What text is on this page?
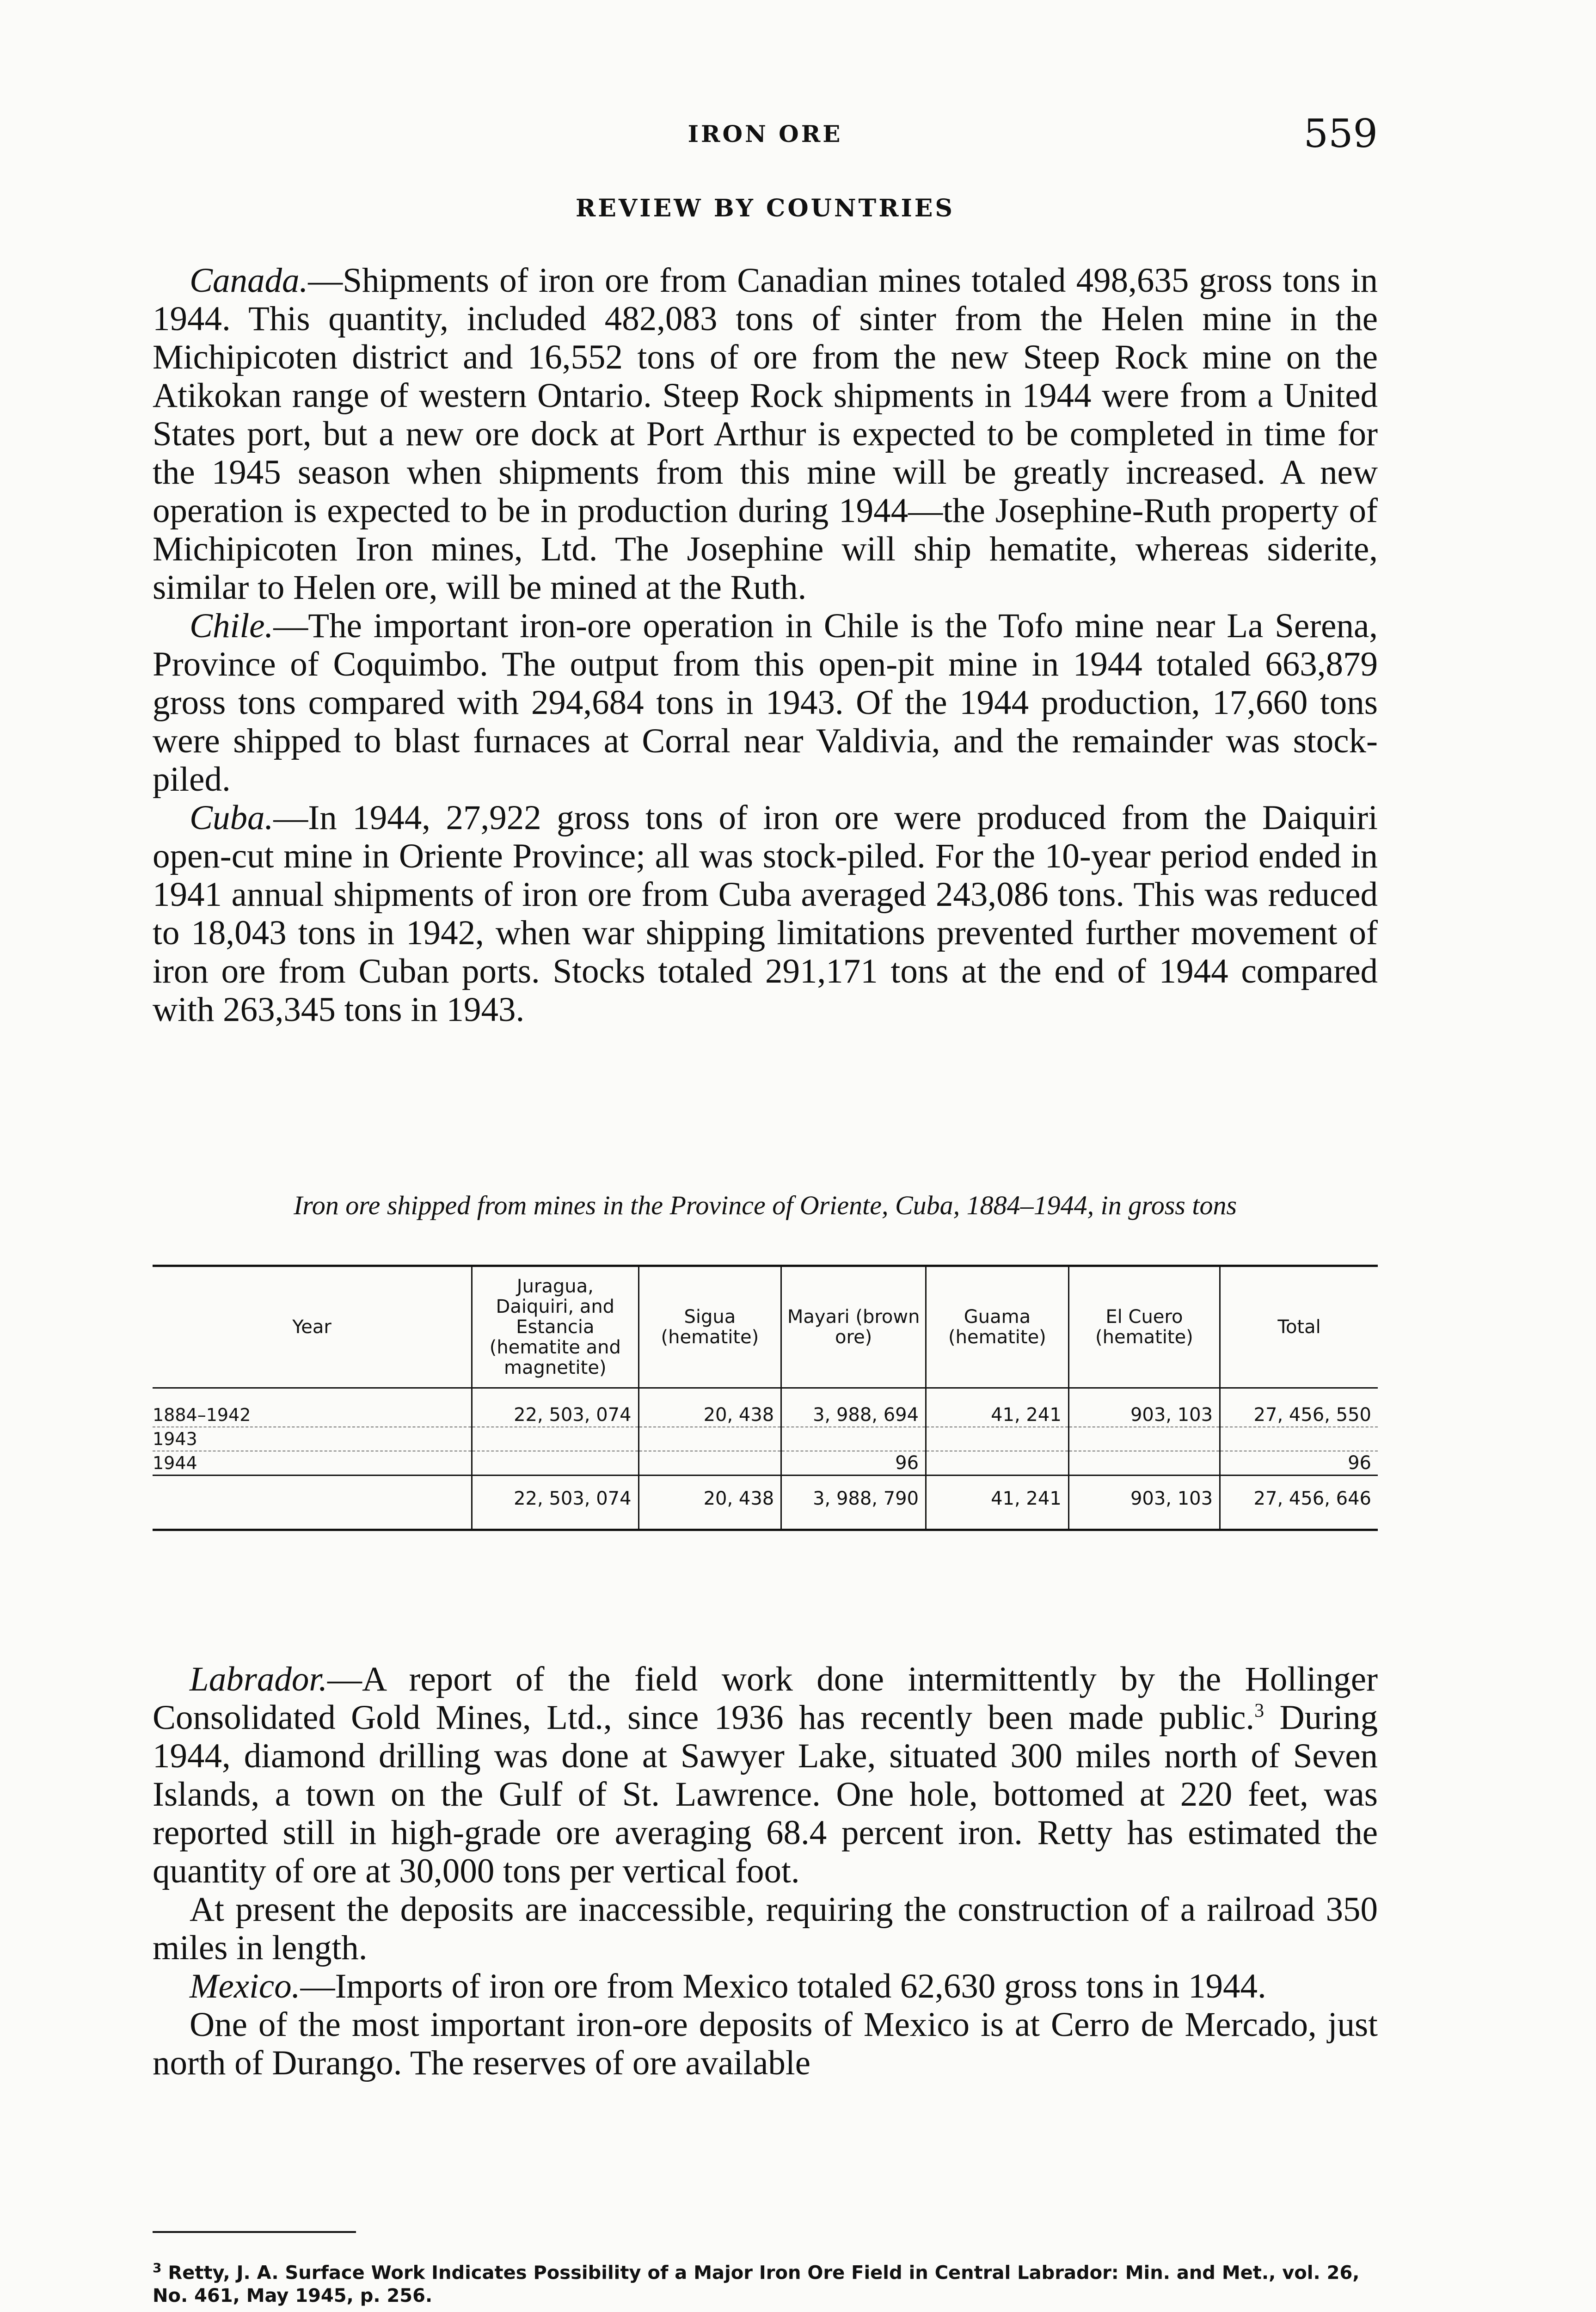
IRON ORE	559
REVIEW BY COUNTRIES

Canada.—Shipments of iron ore from Canadian mines totaled 498,635 gross tons in 1944. This quantity, included 482,083 tons of sinter from the Helen mine in the Michipicoten district and 16,552 tons of ore from the new Steep Rock mine on the Atikokan range of western Ontario. Steep Rock shipments in 1944 were from a United States port, but a new ore dock at Port Arthur is expected to be completed in time for the 1945 season when shipments from this mine will be greatly increased. A new operation is expected to be in production during 1944—the Josephine-Ruth property of Michipicoten Iron mines, Ltd. The Josephine will ship hematite, whereas siderite, similar to Helen ore, will be mined at the Ruth.

Chile.—The important iron-ore operation in Chile is the Tofo mine near La Serena, Province of Coquimbo. The output from this open-pit mine in 1944 totaled 663,879 gross tons compared with 294,684 tons in 1943. Of the 1944 production, 17,660 tons were shipped to blast furnaces at Corral near Valdivia, and the remainder was stock-piled.

Cuba.—In 1944, 27,922 gross tons of iron ore were produced from the Daiquiri open-cut mine in Oriente Province; all was stock-piled. For the 10-year period ended in 1941 annual shipments of iron ore from Cuba averaged 243,086 tons. This was reduced to 18,043 tons in 1942, when war shipping limitations prevented further movement of iron ore from Cuban ports. Stocks totaled 291,171 tons at the end of 1944 compared with 263,345 tons in 1943.

Iron ore shipped from mines in the Province of Oriente, Cuba, 1884–1944, in gross tons
Year	Juragua, Daiquiri, and Estancia (hematite and magnetite)	Sigua (hematite)	Mayari (brown ore)	Guama (hematite)	El Cuero (hematite)	Total
1884–1942	22, 503, 074	20, 438	3, 988, 694	41, 241	903, 103	27, 456, 550
1943						
1944			96			96
	22, 503, 074	20, 438	3, 988, 790	41, 241	903, 103	27, 456, 646

Labrador.—A report of the field work done intermittently by the Hollinger Consolidated Gold Mines, Ltd., since 1936 has recently been made public.$^3$ During 1944, diamond drilling was done at Sawyer Lake, situated 300 miles north of Seven Islands, a town on the Gulf of St. Lawrence. One hole, bottomed at 220 feet, was reported still in high-grade ore averaging 68.4 percent iron. Retty has estimated the quantity of ore at 30,000 tons per vertical foot.

At present the deposits are inaccessible, requiring the construction of a railroad 350 miles in length.

Mexico.—Imports of iron ore from Mexico totaled 62,630 gross tons in 1944.

One of the most important iron-ore deposits of Mexico is at Cerro de Mercado, just north of Durango. The reserves of ore available

$^3$ Retty, J. A. Surface Work Indicates Possibility of a Major Iron Ore Field in Central Labrador: Min. and Met., vol. 26, No. 461, May 1945, p. 256.
